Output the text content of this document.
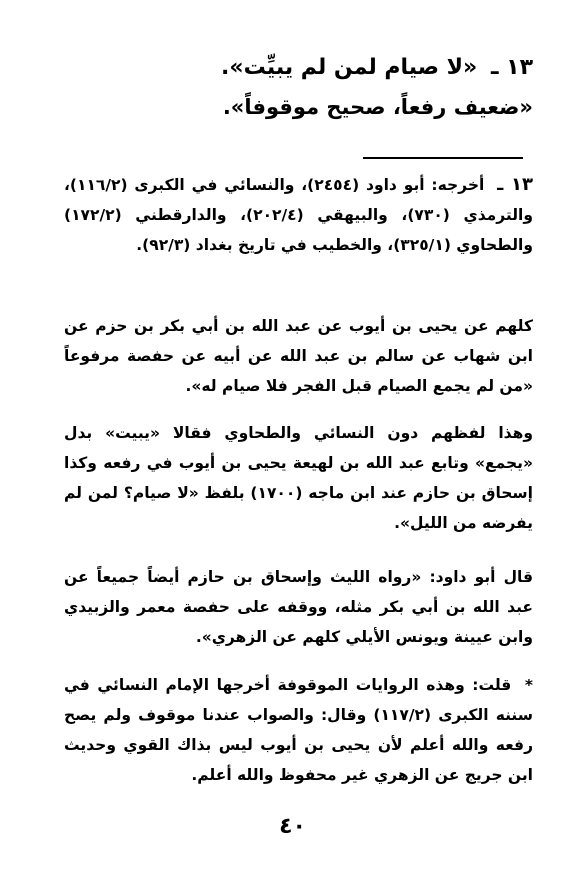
١٣ ـ «لا صيام لمن لم يبيِّت».
«ضعيف رفعاً، صحيح موقوفاً».
١٣ ـ أخرجه: أبو داود (٢٤٥٤)، والنسائي في الكبرى (١١٦/٢)، والترمذي (٧٣٠)، والبيهقي (٢٠٢/٤)، والدارقطني (١٧٢/٢) والطحاوي (٣٢٥/١)، والخطيب في تاريخ بغداد (٩٢/٣).
كلهم عن يحيى بن أيوب عن عبد الله بن أبي بكر بن حزم عن ابن شهاب عن سالم بن عبد الله عن أبيه عن حفصة مرفوعاً «من لم يجمع الصيام قبل الفجر فلا صيام له».
وهذا لفظهم دون النسائي والطحاوي فقالا «يبيت» بدل «يجمع» وتابع عبد الله بن لهيعة يحيى بن أيوب في رفعه وكذا إسحاق بن حازم عند ابن ماجه (١٧٠٠) بلفظ «لا صيام؟ لمن لم يفرضه من الليل».
قال أبو داود: «رواه الليث وإسحاق بن حازم أيضاً جميعاً عن عبد الله بن أبي بكر مثله، ووقفه على حفصة معمر والزبيدي وابن عيينة ويونس الأيلي كلهم عن الزهري».
* قلت: وهذه الروايات الموقوفة أخرجها الإمام النسائي في سننه الكبرى (١١٧/٢) وقال: والصواب عندنا موقوف ولم يصح رفعه والله أعلم لأن يحيى بن أيوب ليس بذاك القوي وحديث ابن جريج عن الزهري غير محفوظ والله أعلم.
٤٠
